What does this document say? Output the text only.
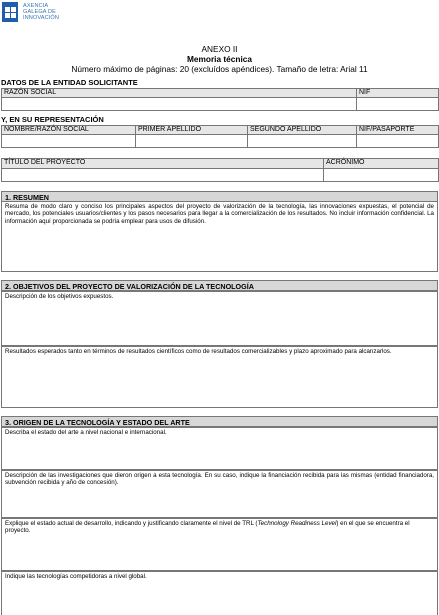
AXENCIA
GALEGA DE
INNOVACIÓN
ANEXO II
Memoria técnica
Número máximo de páginas: 20 (excluídos apéndices). Tamaño de letra: Arial 11
DATOS DE LA ENTIDAD SOLICITANTE
RAZÓN SOCIAL	NIF

Y, EN SU REPRESENTACIÓN
NOMBRE/RAZÓN SOCIAL	PRIMER APELLIDO	SEGUNDO APELLIDO	NIF/PASAPORTE

TÍTULO DEL PROYECTO	ACRÓNIMO

1. RESUMEN
Resuma de modo claro y conciso los principales aspectos del proyecto de valorización de la tecnología, las innovaciones expuestas, el potencial de mercado, los potenciales usuarios/clientes y los pasos necesarios para llegar a la comercialización de los resultados. No incluir información confidencial. La información aquí proporcionada se podría emplear para usos de difusión.
2. OBJETIVOS DEL PROYECTO DE VALORIZACIÓN DE LA TECNOLOGÍA
Descripción de los objetivos expuestos.
Resultados esperados tanto en términos de resultados científicos como de resultados comercializables y plazo aproximado para alcanzarlos.
3. ORIGEN DE LA TECNOLOGÍA Y ESTADO DEL ARTE
Describa el estado del arte a nivel nacional e internacional.
Descripción de las investigaciones que dieron origen a esta tecnología. En su caso, indique la financiación recibida para las mismas (entidad financiadora, subvención recibida y año de concesión).
Explique el estado actual de desarrollo, indicando y justificando claramente el nivel de TRL (Technology Readiness Level) en el que se encuentra el proyecto.
Indique las tecnologías competidoras a nivel global.
